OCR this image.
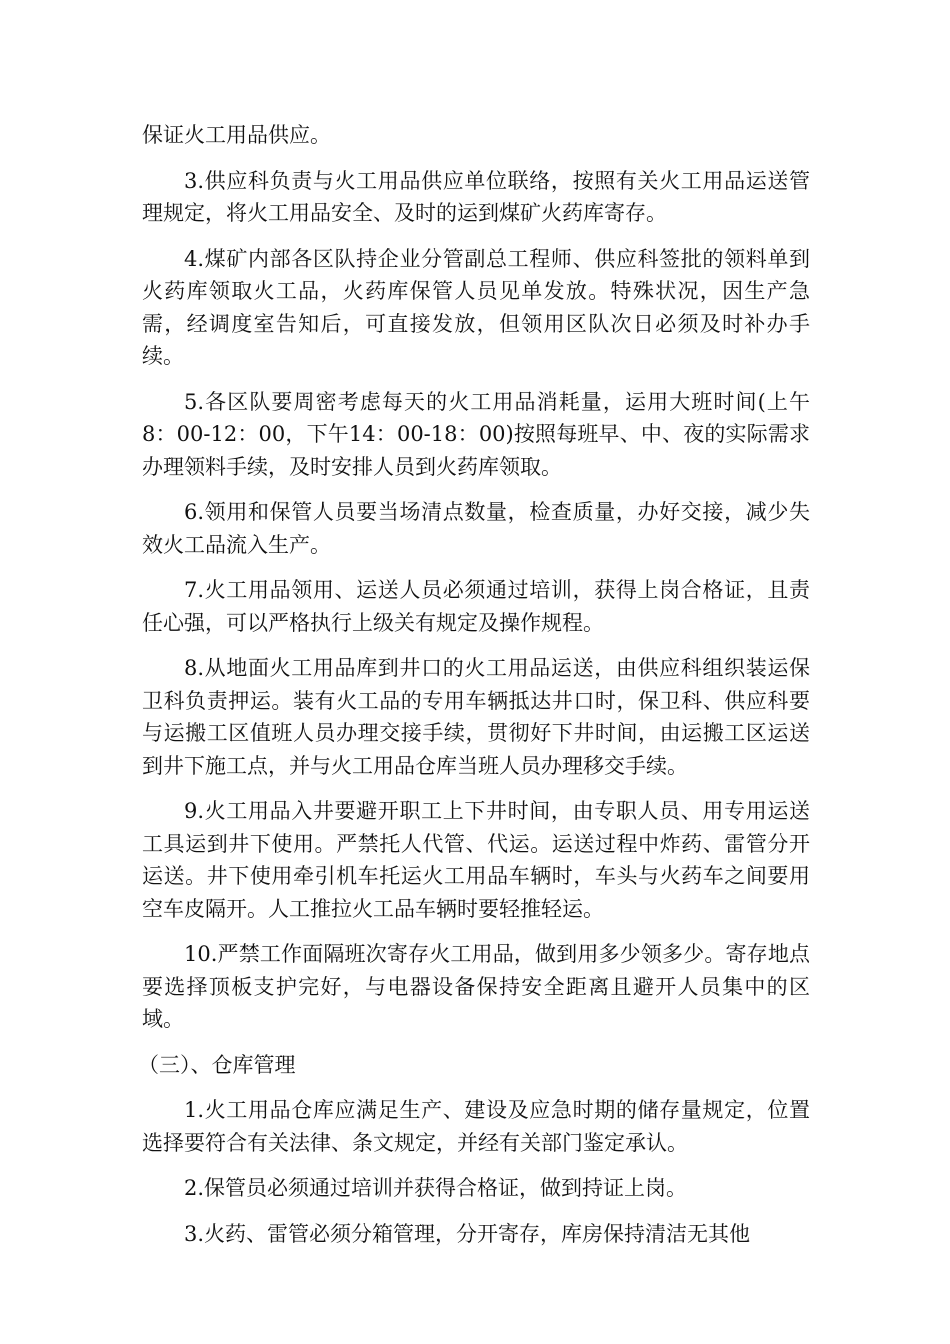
保证火工用品供应。

3.供应科负责与火工用品供应单位联络，按照有关火工用品运送管理规定，将火工用品安全、及时的运到煤矿火药库寄存。

4.煤矿内部各区队持企业分管副总工程师、供应科签批的领料单到火药库领取火工品，火药库保管人员见单发放。特殊状况，因生产急需，经调度室告知后，可直接发放，但领用区队次日必须及时补办手续。

5.各区队要周密考虑每天的火工用品消耗量，运用大班时间(上午8：00-12：00，下午14：00-18：00)按照每班早、中、夜的实际需求办理领料手续，及时安排人员到火药库领取。

6.领用和保管人员要当场清点数量，检查质量，办好交接，减少失效火工品流入生产。

7.火工用品领用、运送人员必须通过培训，获得上岗合格证，且责任心强，可以严格执行上级关有规定及操作规程。

8.从地面火工用品库到井口的火工用品运送，由供应科组织装运保卫科负责押运。装有火工品的专用车辆抵达井口时，保卫科、供应科要与运搬工区值班人员办理交接手续，贯彻好下井时间，由运搬工区运送到井下施工点，并与火工用品仓库当班人员办理移交手续。

9.火工用品入井要避开职工上下井时间，由专职人员、用专用运送工具运到井下使用。严禁托人代管、代运。运送过程中炸药、雷管分开运送。井下使用牵引机车托运火工用品车辆时，车头与火药车之间要用空车皮隔开。人工推拉火工品车辆时要轻推轻运。

10.严禁工作面隔班次寄存火工用品，做到用多少领多少。寄存地点要选择顶板支护完好，与电器设备保持安全距离且避开人员集中的区域。

（三）、仓库管理

1.火工用品仓库应满足生产、建设及应急时期的储存量规定，位置选择要符合有关法律、条文规定，并经有关部门鉴定承认。

2.保管员必须通过培训并获得合格证，做到持证上岗。

3.火药、雷管必须分箱管理，分开寄存，库房保持清洁无其他
